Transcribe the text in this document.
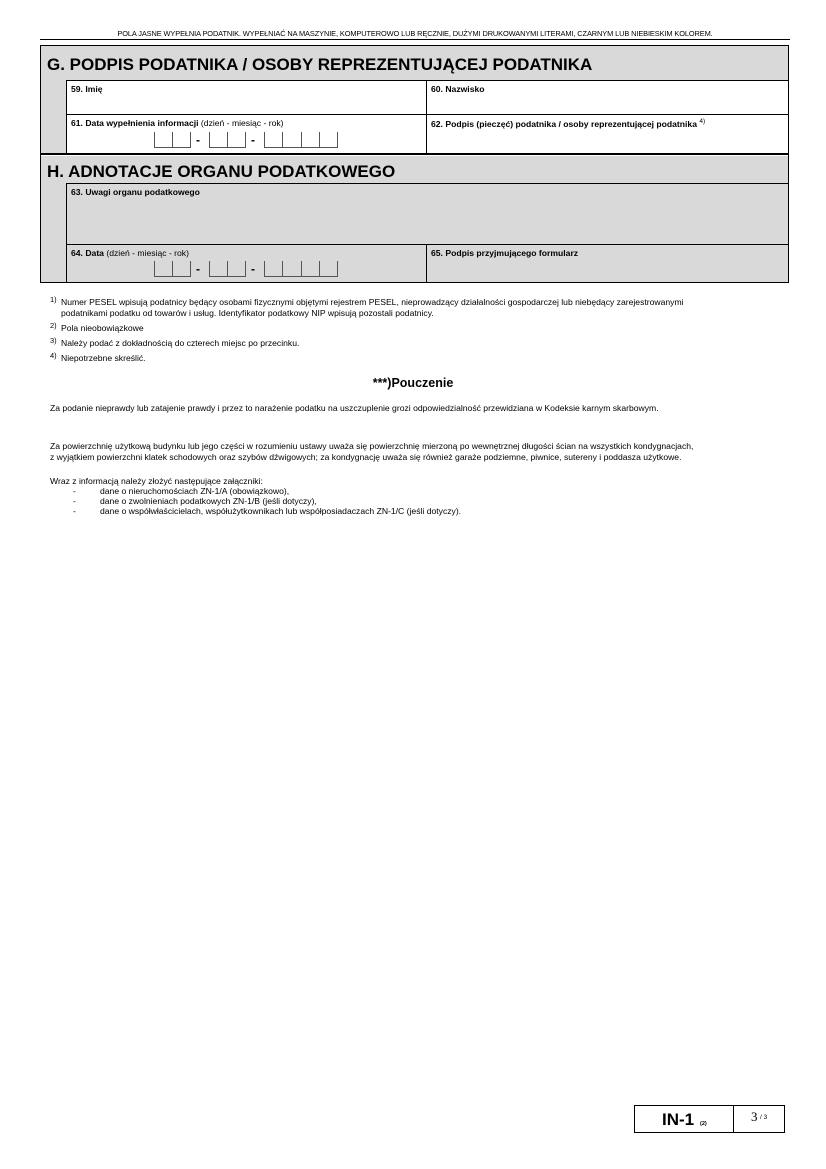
POLA JASNE WYPEŁNIA PODATNIK. WYPEŁNIAĆ NA MASZYNIE, KOMPUTEROWO LUB RĘCZNIE, DUŻYMI DRUKOWANYMI LITERAMI, CZARNYM LUB NIEBIESKIM KOLOREM.
G. PODPIS PODATNIKA / OSOBY REPREZENTUJĄCEJ PODATNIKA
59. Imię	60. Nazwisko
61. Data wypełnienia informacji (dzień - miesiąc - rok)
-	-
62. Podpis (pieczęć) podatnika / osoby reprezentującej podatnika $^{4)}$
H. ADNOTACJE ORGANU PODATKOWEGO
63. Uwagi organu podatkowego
64. Data (dzień - miesiąc - rok)
-	-
65. Podpis przyjmującego formularz
1) Numer PESEL wpisują podatnicy będący osobami fizycznymi objętymi rejestrem PESEL, nieprowadzący działalności gospodarczej lub niebędący zarejestrowanymi
podatnikami podatku od towarów i usług. Identyfikator podatkowy NIP wpisują pozostali podatnicy.
2) Pola nieobowiązkowe
3) Należy podać z dokładnością do czterech miejsc po przecinku.
4) Niepotrzebne skreślić.
***)Pouczenie
Za podanie nieprawdy lub zatajenie prawdy i przez to narażenie podatku na uszczuplenie grozi odpowiedzialność przewidziana w Kodeksie karnym skarbowym.
Za powierzchnię użytkową budynku lub jego części w rozumieniu ustawy uważa się powierzchnię mierzoną po wewnętrznej długości ścian na wszystkich kondygnacjach,
z wyjątkiem powierzchni klatek schodowych oraz szybów dźwigowych; za kondygnację uważa się również garaże podziemne, piwnice, sutereny i poddasza użytkowe.
Wraz z informacją należy złożyć następujące załączniki:
-	dane o nieruchomościach ZN-1/A (obowiązkowo),
-	dane o zwolnieniach podatkowych ZN-1/B (jeśli dotyczy),
-	dane o współwłaścicielach, współużytkownikach lub współposiadaczach ZN-1/C (jeśli dotyczy).
IN-1 (2)	3 / 3
